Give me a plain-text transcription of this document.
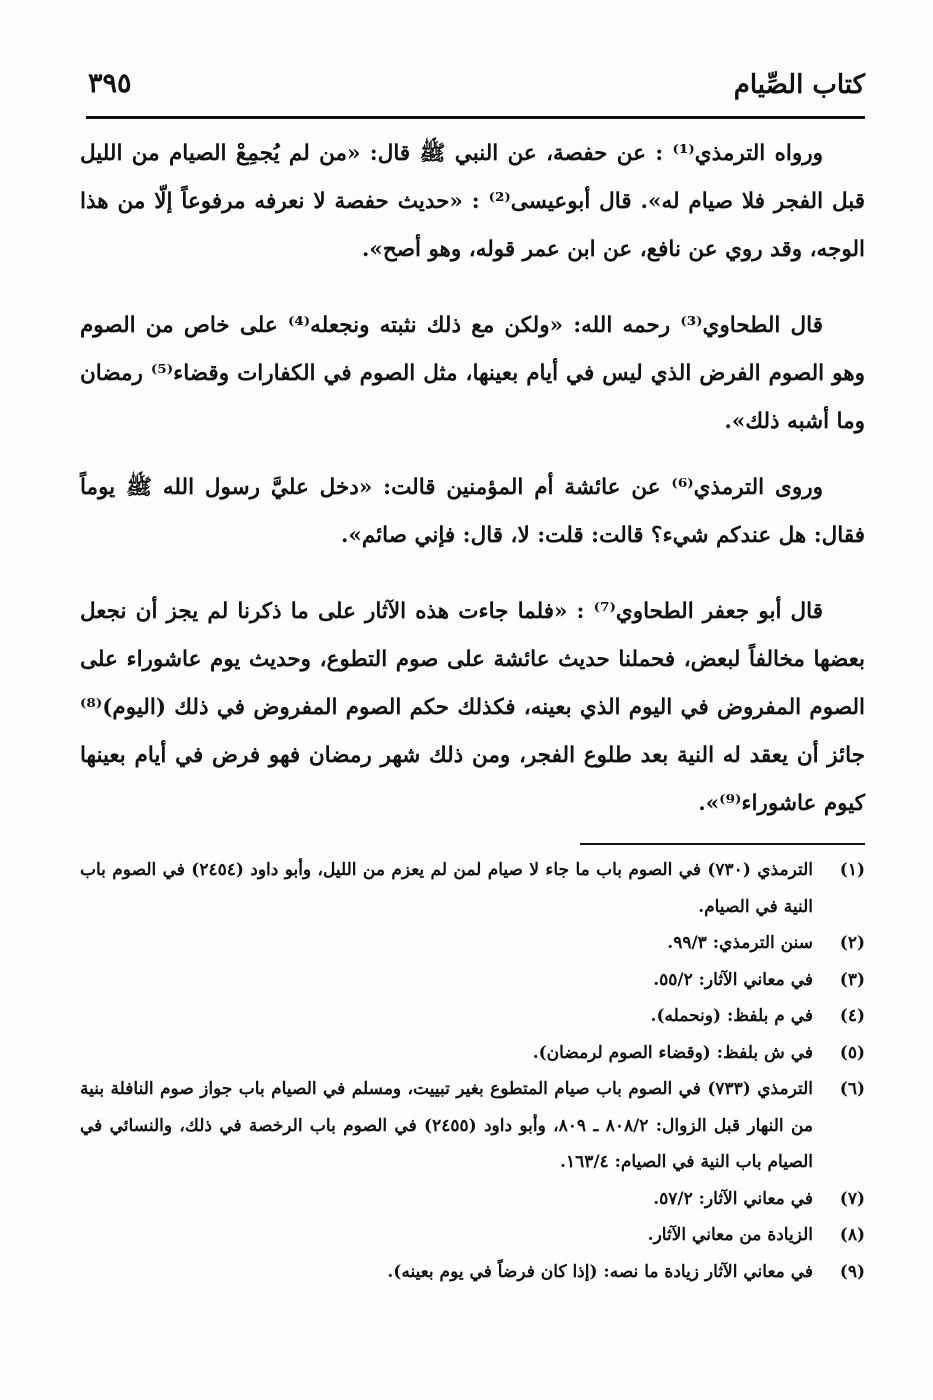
كتاب الصِّيام
٣٩٥

ورواه الترمذي⁽¹⁾ : عن حفصة، عن النبي ﷺ قال: «من لم يُجمِعْ الصيام من الليل قبل الفجر فلا صيام له». قال أبوعيسى⁽²⁾ : «حديث حفصة لا نعرفه مرفوعاً إلّا من هذا الوجه، وقد روي عن نافع، عن ابن عمر قوله، وهو أصح».

قال الطحاوي⁽³⁾ رحمه الله: «ولكن مع ذلك نثبته ونجعله⁽⁴⁾ على خاص من الصوم وهو الصوم الفرض الذي ليس في أيام بعينها، مثل الصوم في الكفارات وقضاء⁽⁵⁾ رمضان وما أشبه ذلك».

وروى الترمذي⁽⁶⁾ عن عائشة أم المؤمنين قالت: «دخل عليَّ رسول الله ﷺ يوماً فقال: هل عندكم شيء؟ قالت: قلت: لا، قال: فإني صائم».

قال أبو جعفر الطحاوي⁽⁷⁾ : «فلما جاءت هذه الآثار على ما ذكرنا لم يجز أن نجعل بعضها مخالفاً لبعض، فحملنا حديث عائشة على صوم التطوع، وحديث يوم عاشوراء على الصوم المفروض في اليوم الذي بعينه، فكذلك حكم الصوم المفروض في ذلك (اليوم)⁽⁸⁾ جائز أن يعقد له النية بعد طلوع الفجر، ومن ذلك شهر رمضان فهو فرض في أيام بعينها كيوم عاشوراء⁽⁹⁾».

(١)
الترمذي (٧٣٠) في الصوم باب ما جاء لا صيام لمن لم يعزم من الليل، وأبو داود (٢٤٥٤) في الصوم باب النية في الصيام.
(٢)
سنن الترمذي: ٩٩/٣.
(٣)
في معاني الآثار: ٥٥/٢.
(٤)
في م بلفظ: (ونحمله).
(٥)
في ش بلفظ: (وقضاء الصوم لرمضان).
(٦)
الترمذي (٧٣٣) في الصوم باب صيام المتطوع بغير تبييت، ومسلم في الصيام باب جواز صوم النافلة بنية من النهار قبل الزوال: ٨٠٨/٢ ـ ٨٠٩، وأبو داود (٢٤٥٥) في الصوم باب الرخصة في ذلك، والنسائي في الصيام باب النية في الصيام: ١٦٣/٤.
(٧)
في معاني الآثار: ٥٧/٢.
(٨)
الزيادة من معاني الآثار.
(٩)
في معاني الآثار زيادة ما نصه: (إذا كان فرضاً في يوم بعينه).
